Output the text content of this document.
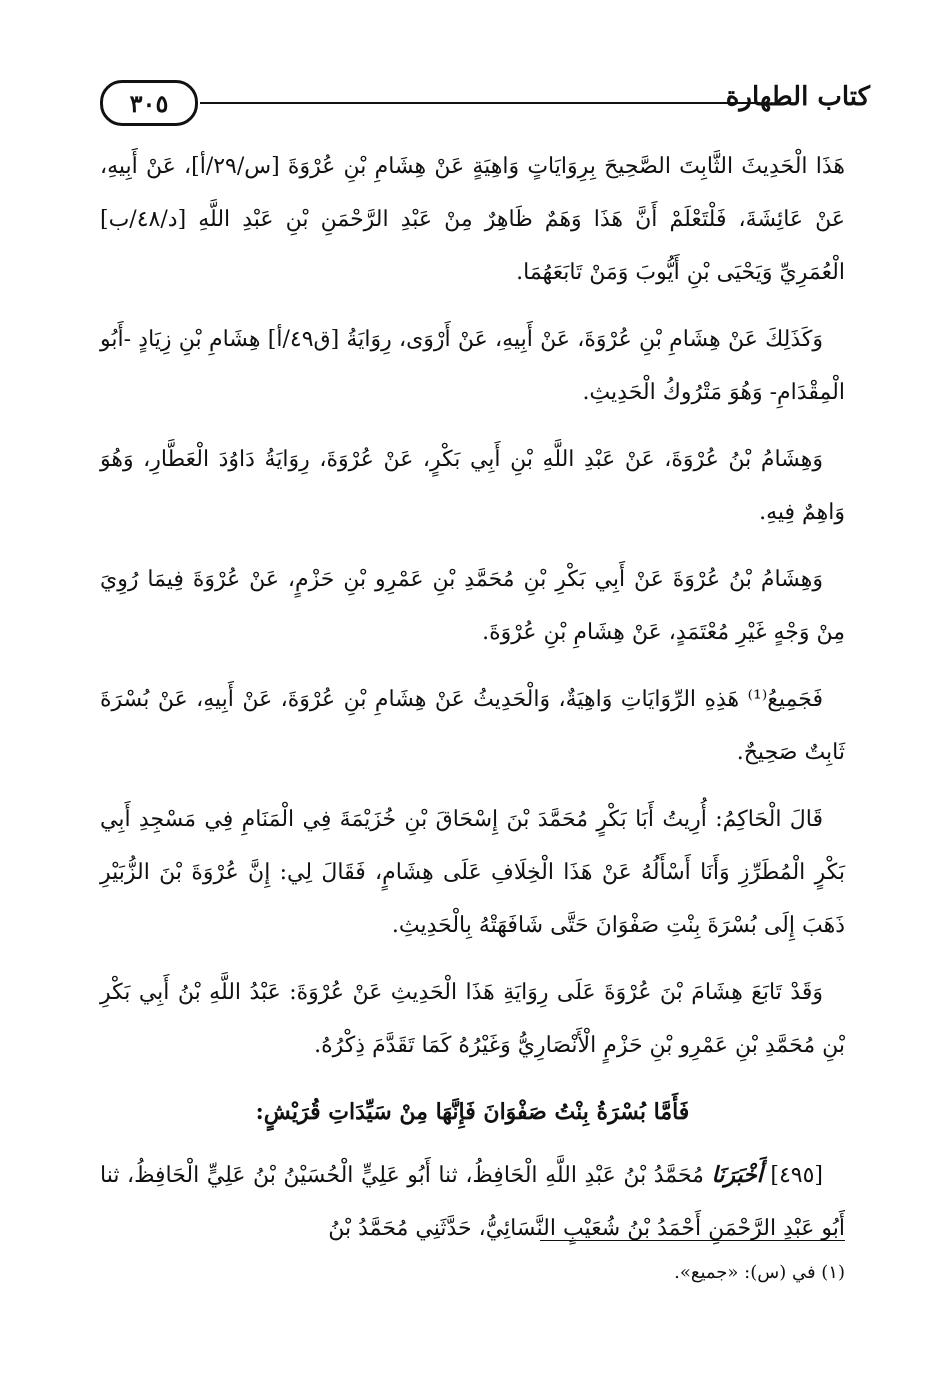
٣٠٥	كتاب الطهارة

هَذَا الْحَدِيثَ الثَّابِتَ الصَّحِيحَ بِرِوَايَاتٍ وَاهِيَةٍ عَنْ هِشَامِ بْنِ عُرْوَةَ [س/٢٩/أ]، عَنْ أَبِيهِ، عَنْ عَائِشَةَ، فَلْتَعْلَمْ أَنَّ هَذَا وَهَمٌ ظَاهِرٌ مِنْ عَبْدِ الرَّحْمَنِ بْنِ عَبْدِ اللَّهِ [د/٤٨/ب] الْعُمَرِيِّ وَيَحْيَى بْنِ أَيُّوبَ وَمَنْ تَابَعَهُمَا.

وَكَذَلِكَ عَنْ هِشَامِ بْنِ عُرْوَةَ، عَنْ أَبِيهِ، عَنْ أَرْوَى، رِوَايَةُ [ق٤٩/أ] هِشَامِ بْنِ زِيَادٍ -أَبُو الْمِقْدَامِ- وَهُوَ مَتْرُوكُ الْحَدِيثِ.

وَهِشَامُ بْنُ عُرْوَةَ، عَنْ عَبْدِ اللَّهِ بْنِ أَبِي بَكْرٍ، عَنْ عُرْوَةَ، رِوَايَةُ دَاوُدَ الْعَطَّارِ، وَهُوَ وَاهِمٌ فِيهِ.

وَهِشَامُ بْنُ عُرْوَةَ عَنْ أَبِي بَكْرِ بْنِ مُحَمَّدِ بْنِ عَمْرِو بْنِ حَزْمٍ، عَنْ عُرْوَةَ فِيمَا رُوِيَ مِنْ وَجْهٍ غَيْرِ مُعْتَمَدٍ، عَنْ هِشَامِ بْنِ عُرْوَةَ.

فَجَمِيعُ⁽¹⁾ هَذِهِ الرِّوَايَاتِ وَاهِيَةٌ، وَالْحَدِيثُ عَنْ هِشَامِ بْنِ عُرْوَةَ، عَنْ أَبِيهِ، عَنْ بُسْرَةَ ثَابِتٌ صَحِيحٌ.

قَالَ الْحَاكِمُ: أُرِيتُ أَبَا بَكْرٍ مُحَمَّدَ بْنَ إِسْحَاقَ بْنِ خُزَيْمَةَ فِي الْمَنَامِ فِي مَسْجِدِ أَبِي بَكْرٍ الْمُطَرِّزِ وَأَنَا أَسْأَلُهُ عَنْ هَذَا الْخِلَافِ عَلَى هِشَامٍ، فَقَالَ لِي: إِنَّ عُرْوَةَ بْنَ الزُّبَيْرِ ذَهَبَ إِلَى بُسْرَةَ بِنْتِ صَفْوَانَ حَتَّى شَافَهَتْهُ بِالْحَدِيثِ.

وَقَدْ تَابَعَ هِشَامَ بْنَ عُرْوَةَ عَلَى رِوَايَةِ هَذَا الْحَدِيثِ عَنْ عُرْوَةَ: عَبْدُ اللَّهِ بْنُ أَبِي بَكْرِ بْنِ مُحَمَّدِ بْنِ عَمْرِو بْنِ حَزْمٍ الْأَنْصَارِيُّ وَغَيْرُهُ كَمَا تَقَدَّمَ ذِكْرُهُ.

فَأَمَّا بُسْرَةُ بِنْتُ صَفْوَانَ فَإِنَّهَا مِنْ سَيِّدَاتِ قُرَيْشٍ:

[٤٩٥] أَخْبَرَنَا مُحَمَّدُ بْنُ عَبْدِ اللَّهِ الْحَافِظُ، ثنا أَبُو عَلِيٍّ الْحُسَيْنُ بْنُ عَلِيٍّ الْحَافِظُ، ثنا أَبُو عَبْدِ الرَّحْمَنِ أَحْمَدُ بْنُ شُعَيْبٍ النَّسَائِيُّ، حَدَّثَنِي مُحَمَّدُ بْنُ

(١) في (س): «جميع».
